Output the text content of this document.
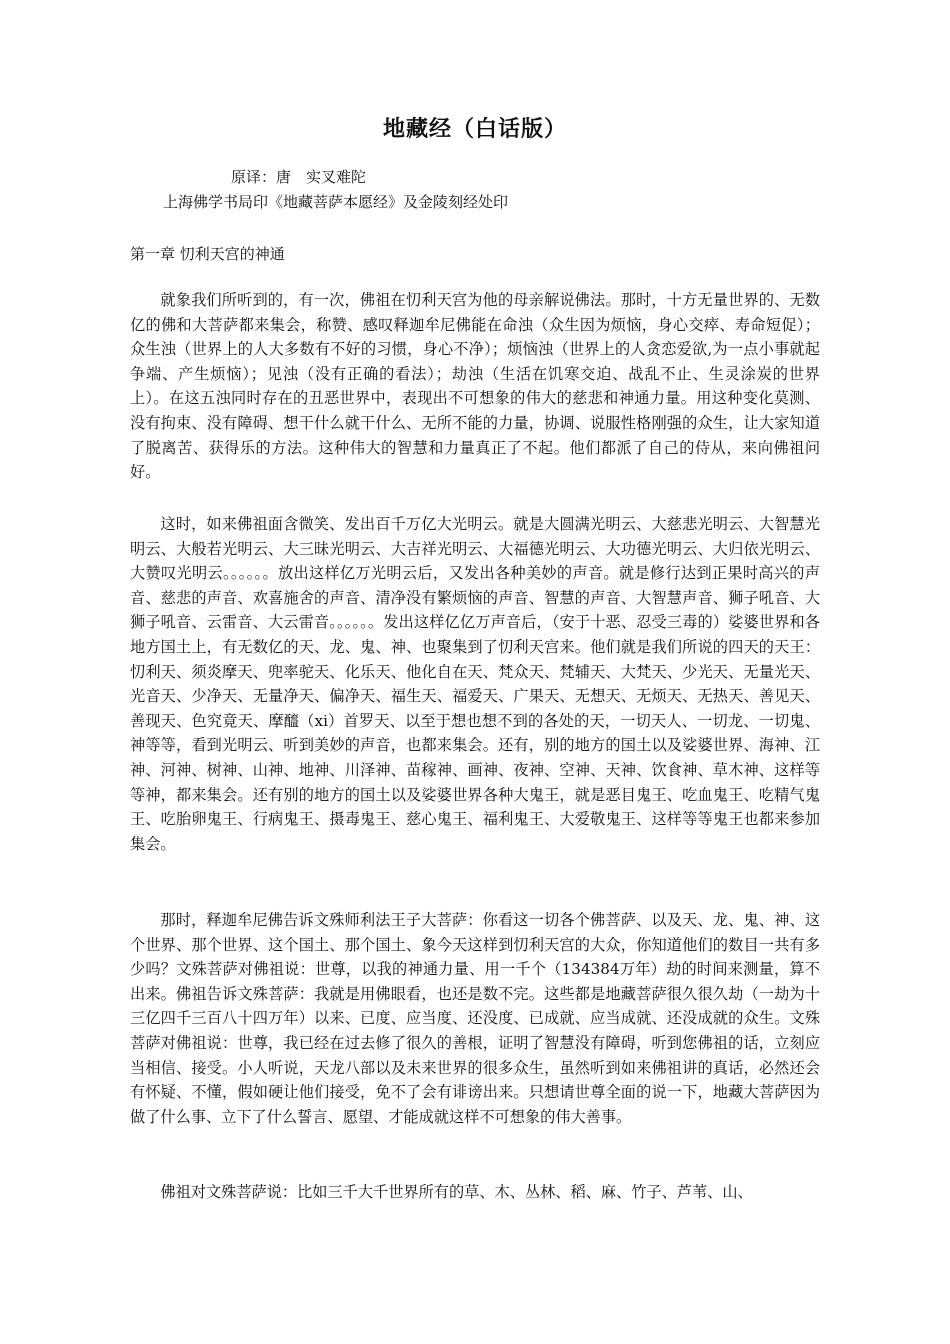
地藏经（白话版）
原译：唐　实叉难陀
上海佛学书局印《地藏菩萨本愿经》及金陵刻经处印
第一章 忉利天宫的神通

就象我们所听到的，有一次，佛祖在忉利天宫为他的母亲解说佛法。那时，十方无量世界的、无数亿的佛和大菩萨都来集会，称赞、感叹释迦牟尼佛能在命浊（众生因为烦恼，身心交瘁、寿命短促）；众生浊（世界上的人大多数有不好的习惯，身心不净）；烦恼浊（世界上的人贪恋爱欲,为一点小事就起争端、产生烦恼）；见浊（没有正确的看法）；劫浊（生活在饥寒交迫、战乱不止、生灵涂炭的世界上）。在这五浊同时存在的丑恶世界中，表现出不可想象的伟大的慈悲和神通力量。用这种变化莫测、没有拘束、没有障碍、想干什么就干什么、无所不能的力量，协调、说服性格刚强的众生，让大家知道了脱离苦、获得乐的方法。这种伟大的智慧和力量真正了不起。他们都派了自己的侍从，来向佛祖问好。

这时，如来佛祖面含微笑、发出百千万亿大光明云。就是大圆满光明云、大慈悲光明云、大智慧光明云、大般若光明云、大三昧光明云、大吉祥光明云、大福德光明云、大功德光明云、大归依光明云、大赞叹光明云。。。。。。放出这样亿万光明云后，又发出各种美妙的声音。就是修行达到正果时高兴的声音、慈悲的声音、欢喜施舍的声音、清净没有繁烦恼的声音、智慧的声音、大智慧声音、狮子吼音、大狮子吼音、云雷音、大云雷音。。。。。。发出这样亿亿万声音后，（安于十恶、忍受三毒的）娑婆世界和各地方国土上，有无数亿的天、龙、鬼、神、也聚集到了忉利天宫来。他们就是我们所说的四天的天王：忉利天、须炎摩天、兜率驼天、化乐天、他化自在天、梵众天、梵辅天、大梵天、少光天、无量光天、光音天、少净天、无量净天、偏净天、福生天、福爱天、广果天、无想天、无烦天、无热天、善见天、善现天、色究竟天、摩醯（xi）首罗天、以至于想也想不到的各处的天，一切天人、一切龙、一切鬼、神等等，看到光明云、听到美妙的声音，也都来集会。还有，别的地方的国土以及娑婆世界、海神、江神、河神、树神、山神、地神、川泽神、苗稼神、画神、夜神、空神、天神、饮食神、草木神、这样等等神，都来集会。还有别的地方的国土以及娑婆世界各种大鬼王，就是恶目鬼王、吃血鬼王、吃精气鬼王、吃胎卵鬼王、行病鬼王、摄毒鬼王、慈心鬼王、福利鬼王、大爱敬鬼王、这样等等鬼王也都来参加集会。

那时，释迦牟尼佛告诉文殊师利法王子大菩萨：你看这一切各个佛菩萨、以及天、龙、鬼、神、这个世界、那个世界、这个国土、那个国土、象今天这样到忉利天宫的大众，你知道他们的数目一共有多少吗？文殊菩萨对佛祖说：世尊，以我的神通力量、用一千个（134384万年）劫的时间来测量，算不出来。佛祖告诉文殊菩萨：我就是用佛眼看，也还是数不完。这些都是地藏菩萨很久很久劫（一劫为十三亿四千三百八十四万年）以来、已度、应当度、还没度、已成就、应当成就、还没成就的众生。文殊菩萨对佛祖说：世尊，我已经在过去修了很久的善根，证明了智慧没有障碍，听到您佛祖的话，立刻应当相信、接受。小人听说，天龙八部以及未来世界的很多众生，虽然听到如来佛祖讲的真话，必然还会有怀疑、不懂，假如硬让他们接受，免不了会有诽谤出来。只想请世尊全面的说一下，地藏大菩萨因为做了什么事、立下了什么誓言、愿望、才能成就这样不可想象的伟大善事。

佛祖对文殊菩萨说：比如三千大千世界所有的草、木、丛林、稻、麻、竹子、芦苇、山、
